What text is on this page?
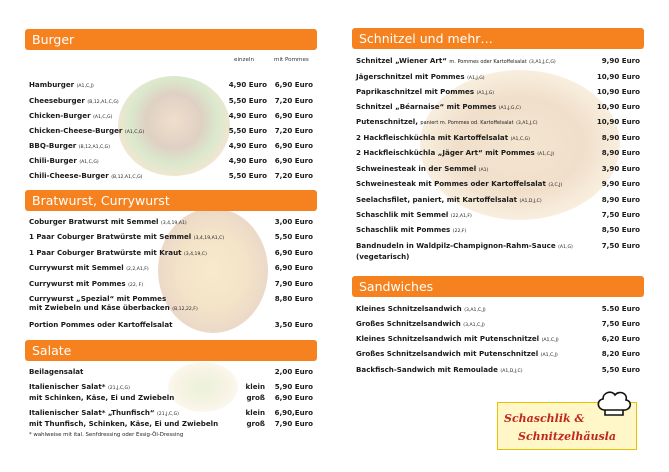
Burger
einzeln	mit Pommes
Hamburger (A1,C,J)	4,90 Euro	6,90 Euro
Cheeseburger (B,12,A1,C,G)	5,50 Euro	7,20 Euro
Chicken-Burger (A1,C,G)	4,90 Euro	6,90 Euro
Chicken-Cheese-Burger (A1,C,G)	5,50 Euro	7,20 Euro
BBQ-Burger (B,12,A1,C,G)	4,90 Euro	6,90 Euro
Chili-Burger (A1,C,G)	4,90 Euro	6,90 Euro
Chili-Cheese-Burger (B,12,A1,C,G)	5,50 Euro	7,20 Euro
Bratwurst, Currywurst
Coburger Bratwurst mit Semmel (3,4,19,A1)	3,00 Euro
1 Paar Coburger Bratwürste mit Semmel (3,4,19,A1,C)	5,50 Euro
1 Paar Coburger Bratwürste mit Kraut (3,4,19,C)	6,90 Euro
Currywurst mit Semmel (2,2,A1,F)	6,90 Euro
Currywurst mit Pommes (22, F)	7,90 Euro
Currywurst „Spezial“ mit Pommes
mit Zwiebeln und Käse überbacken (B,12,22,F)
8,80 Euro
Portion Pommes oder Kartoffelsalat	3,50 Euro
Salate
Beilagensalat	2,00 Euro
Italienischer Salat* (21,J,C,G)	klein	5,90 Euro
mit Schinken, Käse, Ei und Zwiebeln	groß	6,90 Euro
Italienischer Salat* „Thunfisch“ (21,J,C,G)	klein	6,90,Euro
mit Thunfisch, Schinken, Käse, Ei und Zwiebeln	groß	7,90 Euro
* wahlweise mit ital. Senfdressing oder Essig-Öl-Dressing
Schnitzel und mehr…
Schnitzel „Wiener Art“ m. Pommes oder Kartoffelsalat (3,A1,J,C,G)	9,90 Euro
Jägerschnitzel mit Pommes (A1,J,G)	10,90 Euro
Paprikaschnitzel mit Pommes (A1,J,G)	10,90 Euro
Schnitzel „Béarnaise“ mit Pommes (A1,J,G,C)	10,90 Euro
Putenschnitzel, paniert m. Pommes od. Kartoffelsalat (3,A1,J,C)	10,90 Euro
2 Hackfleischküchla mit Kartoffelsalat (A1,C,G)	8,90 Euro
2 Hackfleischküchla „Jäger Art“ mit Pommes (A1,C,J)	8,90 Euro
Schweinesteak in der Semmel (A1)	3,90 Euro
Schweinesteak mit Pommes oder Kartoffelsalat (3,C,J)	9,90 Euro
Seelachsfilet, paniert, mit Kartoffelsalat (A1,D,J,C)	8,90 Euro
Schaschlik mit Semmel (22,A1,F)	7,50 Euro
Schaschlik mit Pommes (22,F)	8,50 Euro
Bandnudeln in Waldpilz-Champignon-Rahm-Sauce (A1,G)
(vegetarisch)
7,50 Euro
Sandwiches
Kleines Schnitzelsandwich (3,A1,C,J)	5.50 Euro
Großes Schnitzelsandwich (3,A1,C,J)	7,50 Euro
Kleines Schnitzelsandwich mit Putenschnitzel (A1,C,J)	6,20 Euro
Großes Schnitzelsandwich mit Putenschnitzel (A1,C,J)	8,20 Euro
Backfisch-Sandwich mit Remoulade (A1,D,J,C)	5,50 Euro
Schaschlik &
Schnitzelhäusla
